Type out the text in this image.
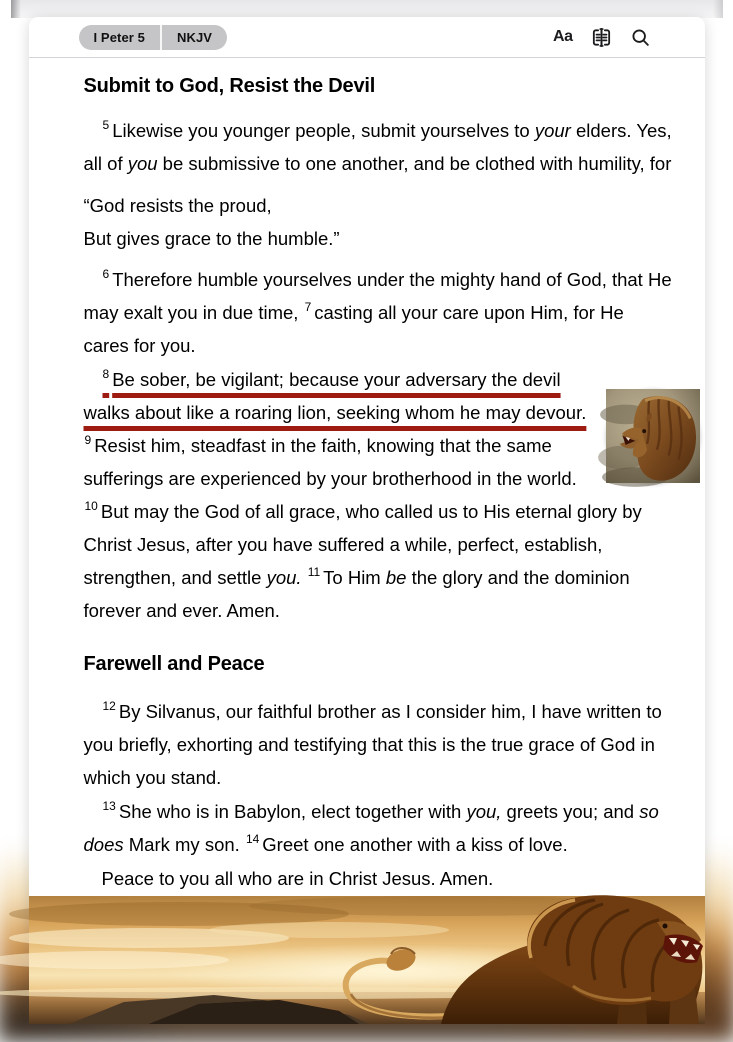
I Peter 5	NKJV	Aa
Submit to God, Resist the Devil

$^5$ Likewise you younger people, submit yourselves to your elders. Yes, all of you be submissive to one another, and be clothed with humility, for

“God resists the proud,
But gives grace to the humble.”

$^6$ Therefore humble yourselves under the mighty hand of God, that He may exalt you in due time, $^7$ casting all your care upon Him, for He cares for you.

$^8$ Be sober, be vigilant; because your adversary the devil walks about like a roaring lion, seeking whom he may devour. $^9$ Resist him, steadfast in the faith, knowing that the same sufferings are experienced by your brotherhood in the world. $^{10}$ But may the God of all grace, who called us to His eternal glory by Christ Jesus, after you have suffered a while, perfect, establish, strengthen, and settle you. $^{11}$ To Him be the glory and the dominion forever and ever. Amen.

Farewell and Peace

$^{12}$ By Silvanus, our faithful brother as I consider him, I have written to you briefly, exhorting and testifying that this is the true grace of God in which you stand.

$^{13}$ She who is in Babylon, elect together with you, greets you; and so does Mark my son. $^{14}$ Greet one another with a kiss of love.

Peace to you all who are in Christ Jesus. Amen.
